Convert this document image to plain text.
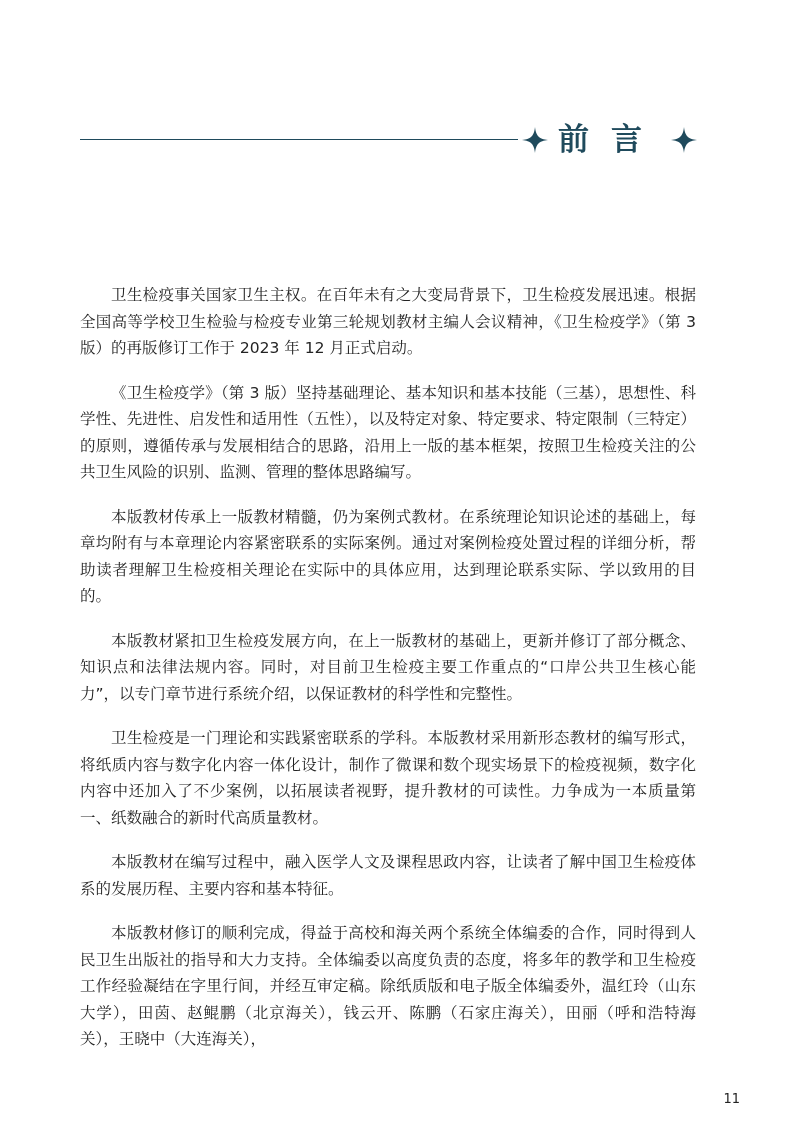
前言

卫生检疫事关国家卫生主权。在百年未有之大变局背景下，卫生检疫发展迅速。根据全国高等学校卫生检验与检疫专业第三轮规划教材主编人会议精神，《卫生检疫学》（第 3 版）的再版修订工作于 2023 年 12 月正式启动。

《卫生检疫学》（第 3 版）坚持基础理论、基本知识和基本技能（三基），思想性、科学性、先进性、启发性和适用性（五性），以及特定对象、特定要求、特定限制（三特定）的原则，遵循传承与发展相结合的思路，沿用上一版的基本框架，按照卫生检疫关注的公共卫生风险的识别、监测、管理的整体思路编写。

本版教材传承上一版教材精髓，仍为案例式教材。在系统理论知识论述的基础上，每章均附有与本章理论内容紧密联系的实际案例。通过对案例检疫处置过程的详细分析，帮助读者理解卫生检疫相关理论在实际中的具体应用，达到理论联系实际、学以致用的目的。

本版教材紧扣卫生检疫发展方向，在上一版教材的基础上，更新并修订了部分概念、知识点和法律法规内容。同时，对目前卫生检疫主要工作重点的“口岸公共卫生核心能力”，以专门章节进行系统介绍，以保证教材的科学性和完整性。

卫生检疫是一门理论和实践紧密联系的学科。本版教材采用新形态教材的编写形式，将纸质内容与数字化内容一体化设计，制作了微课和数个现实场景下的检疫视频，数字化内容中还加入了不少案例，以拓展读者视野，提升教材的可读性。力争成为一本质量第一、纸数融合的新时代高质量教材。

本版教材在编写过程中，融入医学人文及课程思政内容，让读者了解中国卫生检疫体系的发展历程、主要内容和基本特征。

本版教材修订的顺利完成，得益于高校和海关两个系统全体编委的合作，同时得到人民卫生出版社的指导和大力支持。全体编委以高度负责的态度，将多年的教学和卫生检疫工作经验凝结在字里行间，并经互审定稿。除纸质版和电子版全体编委外，温红玲（山东大学），田茵、赵鲲鹏（北京海关），钱云开、陈鹏（石家庄海关），田丽（呼和浩特海关），王晓中（大连海关），

11
